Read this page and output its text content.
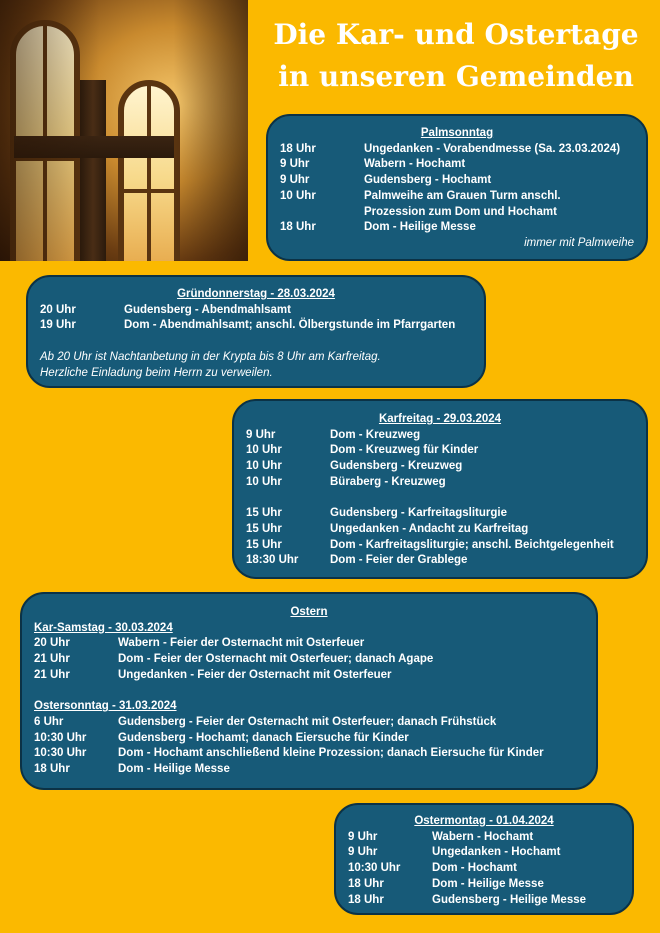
Die Kar- und Ostertage
in unseren Gemeinden
Palmsonntag
18 Uhr	Ungedanken - Vorabendmesse (Sa. 23.03.2024)
9 Uhr	Wabern - Hochamt
9 Uhr	Gudensberg - Hochamt
10 Uhr	Palmweihe am Grauen Turm anschl.
Prozession zum Dom und Hochamt
18 Uhr	Dom - Heilige Messe
immer mit Palmweihe
Gründonnerstag - 28.03.2024
20 Uhr	Gudensberg - Abendmahlsamt
19 Uhr	Dom - Abendmahlsamt; anschl. Ölbergstunde im Pfarrgarten
Ab 20 Uhr ist Nachtanbetung in der Krypta bis 8 Uhr am Karfreitag.
Herzliche Einladung beim Herrn zu verweilen.
Karfreitag - 29.03.2024
9 Uhr	Dom - Kreuzweg
10 Uhr	Dom - Kreuzweg für Kinder
10 Uhr	Gudensberg - Kreuzweg
10 Uhr	Büraberg - Kreuzweg
15 Uhr	Gudensberg - Karfreitagsliturgie
15 Uhr	Ungedanken - Andacht zu Karfreitag
15 Uhr	Dom - Karfreitagsliturgie; anschl. Beichtgelegenheit
18:30 Uhr	Dom - Feier der Grablege
Ostern
Kar-Samstag - 30.03.2024
20 Uhr	Wabern - Feier der Osternacht mit Osterfeuer
21 Uhr	Dom - Feier der Osternacht mit Osterfeuer; danach Agape
21 Uhr	Ungedanken - Feier der Osternacht mit Osterfeuer
Ostersonntag - 31.03.2024
6 Uhr	Gudensberg - Feier der Osternacht mit Osterfeuer; danach Frühstück
10:30 Uhr	Gudensberg - Hochamt; danach Eiersuche für Kinder
10:30 Uhr	Dom - Hochamt anschließend kleine Prozession; danach Eiersuche für Kinder
18 Uhr	Dom - Heilige Messe
Ostermontag - 01.04.2024
9 Uhr	Wabern - Hochamt
9 Uhr	Ungedanken - Hochamt
10:30 Uhr	Dom - Hochamt
18 Uhr	Dom - Heilige Messe
18 Uhr	Gudensberg - Heilige Messe
